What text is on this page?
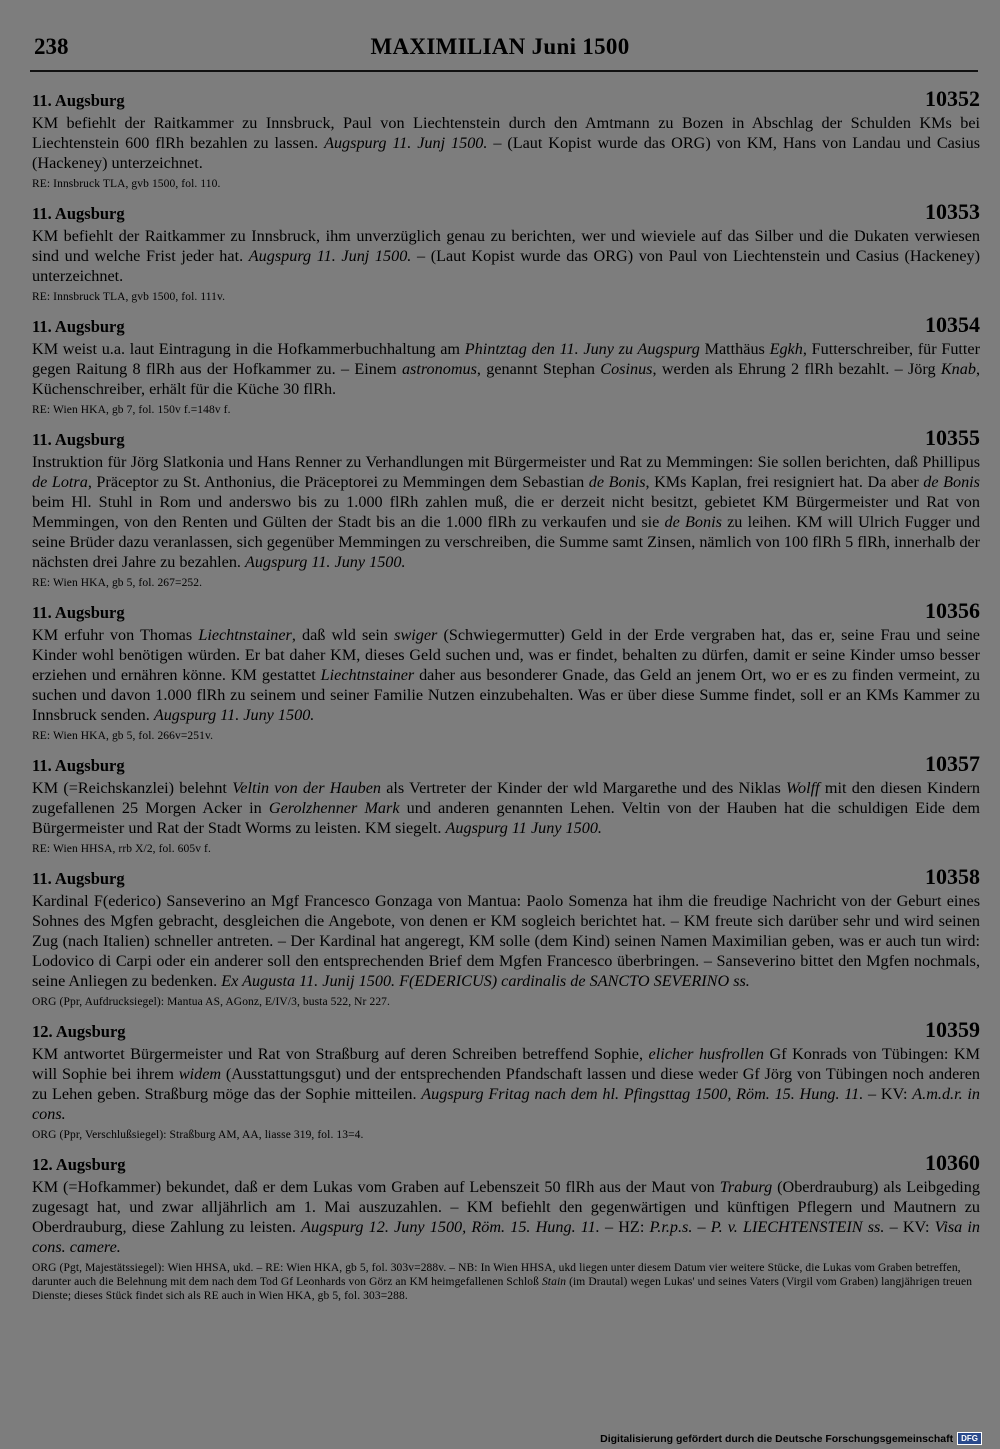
238	MAXIMILIAN Juni 1500
11. Augsburg	10352

KM befiehlt der Raitkammer zu Innsbruck, Paul von Liechtenstein durch den Amtmann zu Bozen in Abschlag der Schulden KMs bei Liechtenstein 600 flRh bezahlen zu lassen. Augspurg 11. Junj 1500. – (Laut Kopist wurde das ORG) von KM, Hans von Landau und Casius (Hackeney) unterzeichnet.

RE: Innsbruck TLA, gvb 1500, fol. 110.
11. Augsburg	10353

KM befiehlt der Raitkammer zu Innsbruck, ihm unverzüglich genau zu berichten, wer und wieviele auf das Silber und die Dukaten verwiesen sind und welche Frist jeder hat. Augspurg 11. Junj 1500. – (Laut Kopist wurde das ORG) von Paul von Liechtenstein und Casius (Hackeney) unterzeichnet.

RE: Innsbruck TLA, gvb 1500, fol. 111v.
11. Augsburg	10354

KM weist u.a. laut Eintragung in die Hofkammerbuchhaltung am Phintztag den 11. Juny zu Augspurg Matthäus Egkh, Futterschreiber, für Futter gegen Raitung 8 flRh aus der Hofkammer zu. – Einem astronomus, genannt Stephan Cosinus, werden als Ehrung 2 flRh bezahlt. – Jörg Knab, Küchenschreiber, erhält für die Küche 30 flRh.

RE: Wien HKA, gb 7, fol. 150v f.=148v f.
11. Augsburg	10355

Instruktion für Jörg Slatkonia und Hans Renner zu Verhandlungen mit Bürgermeister und Rat zu Memmingen: Sie sollen berichten, daß Phillipus de Lotra, Präceptor zu St. Anthonius, die Präceptorei zu Memmingen dem Sebastian de Bonis, KMs Kaplan, frei resigniert hat. Da aber de Bonis beim Hl. Stuhl in Rom und anderswo bis zu 1.000 flRh zahlen muß, die er derzeit nicht besitzt, gebietet KM Bürgermeister und Rat von Memmingen, von den Renten und Gülten der Stadt bis an die 1.000 flRh zu verkaufen und sie de Bonis zu leihen. KM will Ulrich Fugger und seine Brüder dazu veranlassen, sich gegenüber Memmingen zu verschreiben, die Summe samt Zinsen, nämlich von 100 flRh 5 flRh, innerhalb der nächsten drei Jahre zu bezahlen. Augspurg 11. Juny 1500.

RE: Wien HKA, gb 5, fol. 267=252.
11. Augsburg	10356

KM erfuhr von Thomas Liechtnstainer, daß wld sein swiger (Schwiegermutter) Geld in der Erde vergraben hat, das er, seine Frau und seine Kinder wohl benötigen würden. Er bat daher KM, dieses Geld suchen und, was er findet, behalten zu dürfen, damit er seine Kinder umso besser erziehen und ernähren könne. KM gestattet Liechtnstainer daher aus besonderer Gnade, das Geld an jenem Ort, wo er es zu finden vermeint, zu suchen und davon 1.000 flRh zu seinem und seiner Familie Nutzen einzubehalten. Was er über diese Summe findet, soll er an KMs Kammer zu Innsbruck senden. Augspurg 11. Juny 1500.

RE: Wien HKA, gb 5, fol. 266v=251v.
11. Augsburg	10357

KM (=Reichskanzlei) belehnt Veltin von der Hauben als Vertreter der Kinder der wld Margarethe und des Niklas Wolff mit den diesen Kindern zugefallenen 25 Morgen Acker in Gerolzhenner Mark und anderen genannten Lehen. Veltin von der Hauben hat die schuldigen Eide dem Bürgermeister und Rat der Stadt Worms zu leisten. KM siegelt. Augspurg 11 Juny 1500.

RE: Wien HHSA, rrb X/2, fol. 605v f.
11. Augsburg	10358

Kardinal F(ederico) Sanseverino an Mgf Francesco Gonzaga von Mantua: Paolo Somenza hat ihm die freudige Nachricht von der Geburt eines Sohnes des Mgfen gebracht, desgleichen die Angebote, von denen er KM sogleich berichtet hat. – KM freute sich darüber sehr und wird seinen Zug (nach Italien) schneller antreten. – Der Kardinal hat angeregt, KM solle (dem Kind) seinen Namen Maximilian geben, was er auch tun wird: Lodovico di Carpi oder ein anderer soll den entsprechenden Brief dem Mgfen Francesco überbringen. – Sanseverino bittet den Mgfen nochmals, seine Anliegen zu bedenken. Ex Augusta 11. Junij 1500. F(EDERICUS) cardinalis de SANCTO SEVERINO ss.

ORG (Ppr, Aufdrucksiegel): Mantua AS, AGonz, E/IV/3, busta 522, Nr 227.
12. Augsburg	10359

KM antwortet Bürgermeister und Rat von Straßburg auf deren Schreiben betreffend Sophie, elicher husfrollen Gf Konrads von Tübingen: KM will Sophie bei ihrem widem (Ausstattungsgut) und der entsprechenden Pfandschaft lassen und diese weder Gf Jörg von Tübingen noch anderen zu Lehen geben. Straßburg möge das der Sophie mitteilen. Augspurg Fritag nach dem hl. Pfingsttag 1500, Röm. 15. Hung. 11. – KV: A.m.d.r. in cons.

ORG (Ppr, Verschlußsiegel): Straßburg AM, AA, liasse 319, fol. 13=4.
12. Augsburg	10360

KM (=Hofkammer) bekundet, daß er dem Lukas vom Graben auf Lebenszeit 50 flRh aus der Maut von Traburg (Oberdrauburg) als Leibgeding zugesagt hat, und zwar alljährlich am 1. Mai auszuzahlen. – KM befiehlt den gegenwärtigen und künftigen Pflegern und Mautnern zu Oberdrauburg, diese Zahlung zu leisten. Augspurg 12. Juny 1500, Röm. 15. Hung. 11. – HZ: P.r.p.s. – P. v. LIECHTENSTEIN ss. – KV: Visa in cons. camere.

ORG (Pgt, Majestätssiegel): Wien HHSA, ukd. – RE: Wien HKA, gb 5, fol. 303v=288v. – NB: In Wien HHSA, ukd liegen unter diesem Datum vier weitere Stücke, die Lukas vom Graben betreffen, darunter auch die Belehnung mit dem nach dem Tod Gf Leonhards von Görz an KM heimgefallenen Schloß Stain (im Drautal) wegen Lukas' und seines Vaters (Virgil vom Graben) langjährigen treuen Dienste; dieses Stück findet sich als RE auch in Wien HKA, gb 5, fol. 303=288.
Digitalisierung gefördert durch die Deutsche Forschungsgemeinschaft	DFG
